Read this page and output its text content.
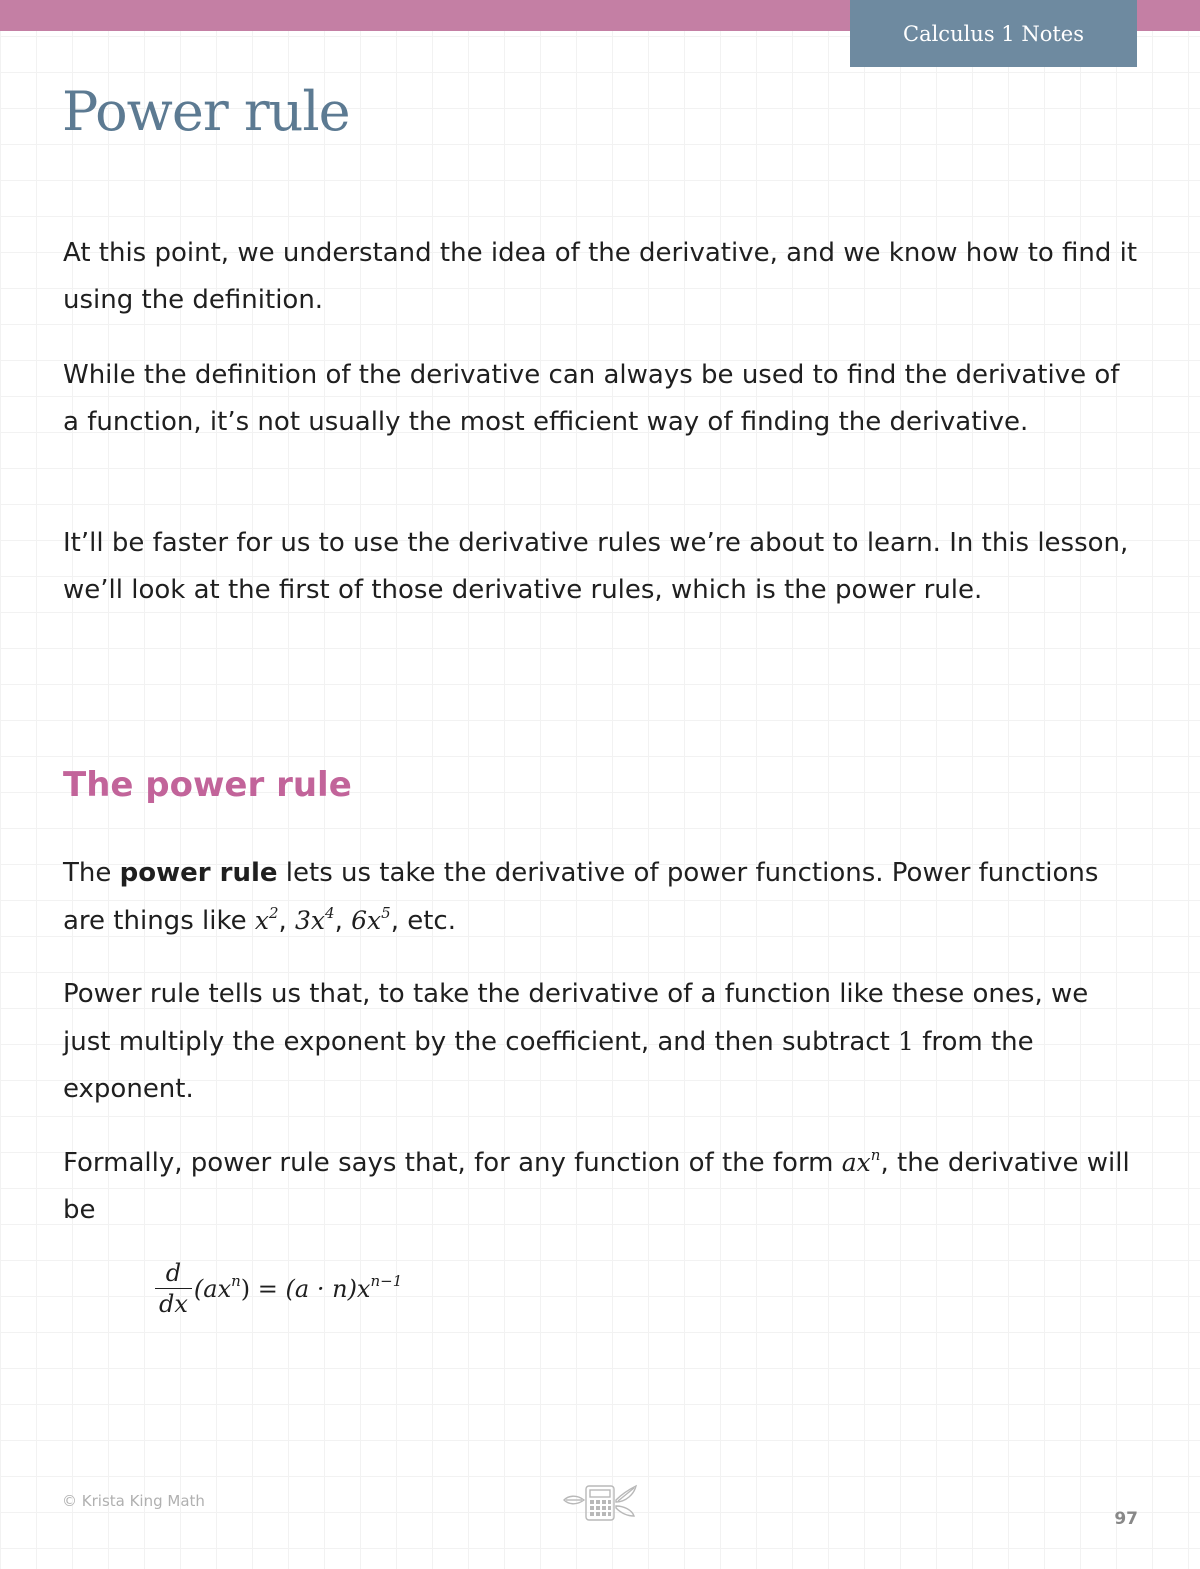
Calculus 1 Notes
Power rule

At this point, we understand the idea of the derivative, and we know how to find it using the definition.

While the definition of the derivative can always be used to find the derivative of a function, it’s not usually the most efficient way of finding the derivative.

It’ll be faster for us to use the derivative rules we’re about to learn. In this lesson, we’ll look at the first of those derivative rules, which is the power rule.

The power rule

The power rule lets us take the derivative of power functions. Power functions are things like $x^2$, $3x^4$, $6x^5$, etc.

Power rule tells us that, to take the derivative of a function like these ones, we just multiply the exponent by the coefficient, and then subtract 1 from the exponent.

Formally, power rule says that, for any function of the form $ax^n$, the derivative will be

$\frac{d}{dx} (ax^n) = (a \cdot n)x^{n-1}$
© Krista King Math
97
